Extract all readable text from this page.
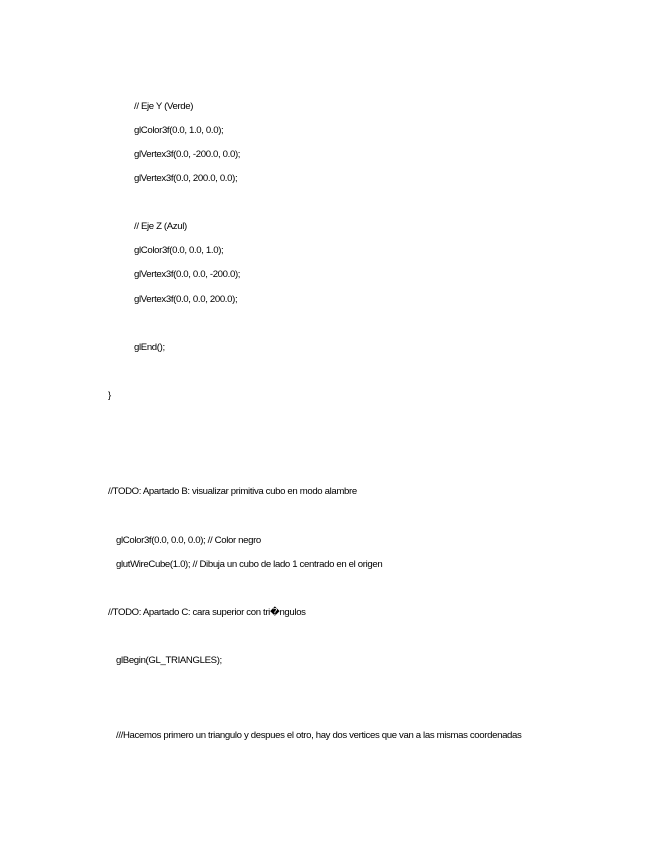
// Eje Y (Verde)
glColor3f(0.0, 1.0, 0.0);
glVertex3f(0.0, -200.0, 0.0);
glVertex3f(0.0, 200.0, 0.0);
// Eje Z (Azul)
glColor3f(0.0, 0.0, 1.0);
glVertex3f(0.0, 0.0, -200.0);
glVertex3f(0.0, 0.0, 200.0);
glEnd();
}
//TODO: Apartado B: visualizar primitiva cubo en modo alambre
glColor3f(0.0, 0.0, 0.0); // Color negro
glutWireCube(1.0); // Dibuja un cubo de lado 1 centrado en el origen
//TODO: Apartado C: cara superior con tri�ngulos
glBegin(GL_TRIANGLES);
///Hacemos primero un triangulo y despues el otro, hay dos vertices que van a las mismas coordenadas
